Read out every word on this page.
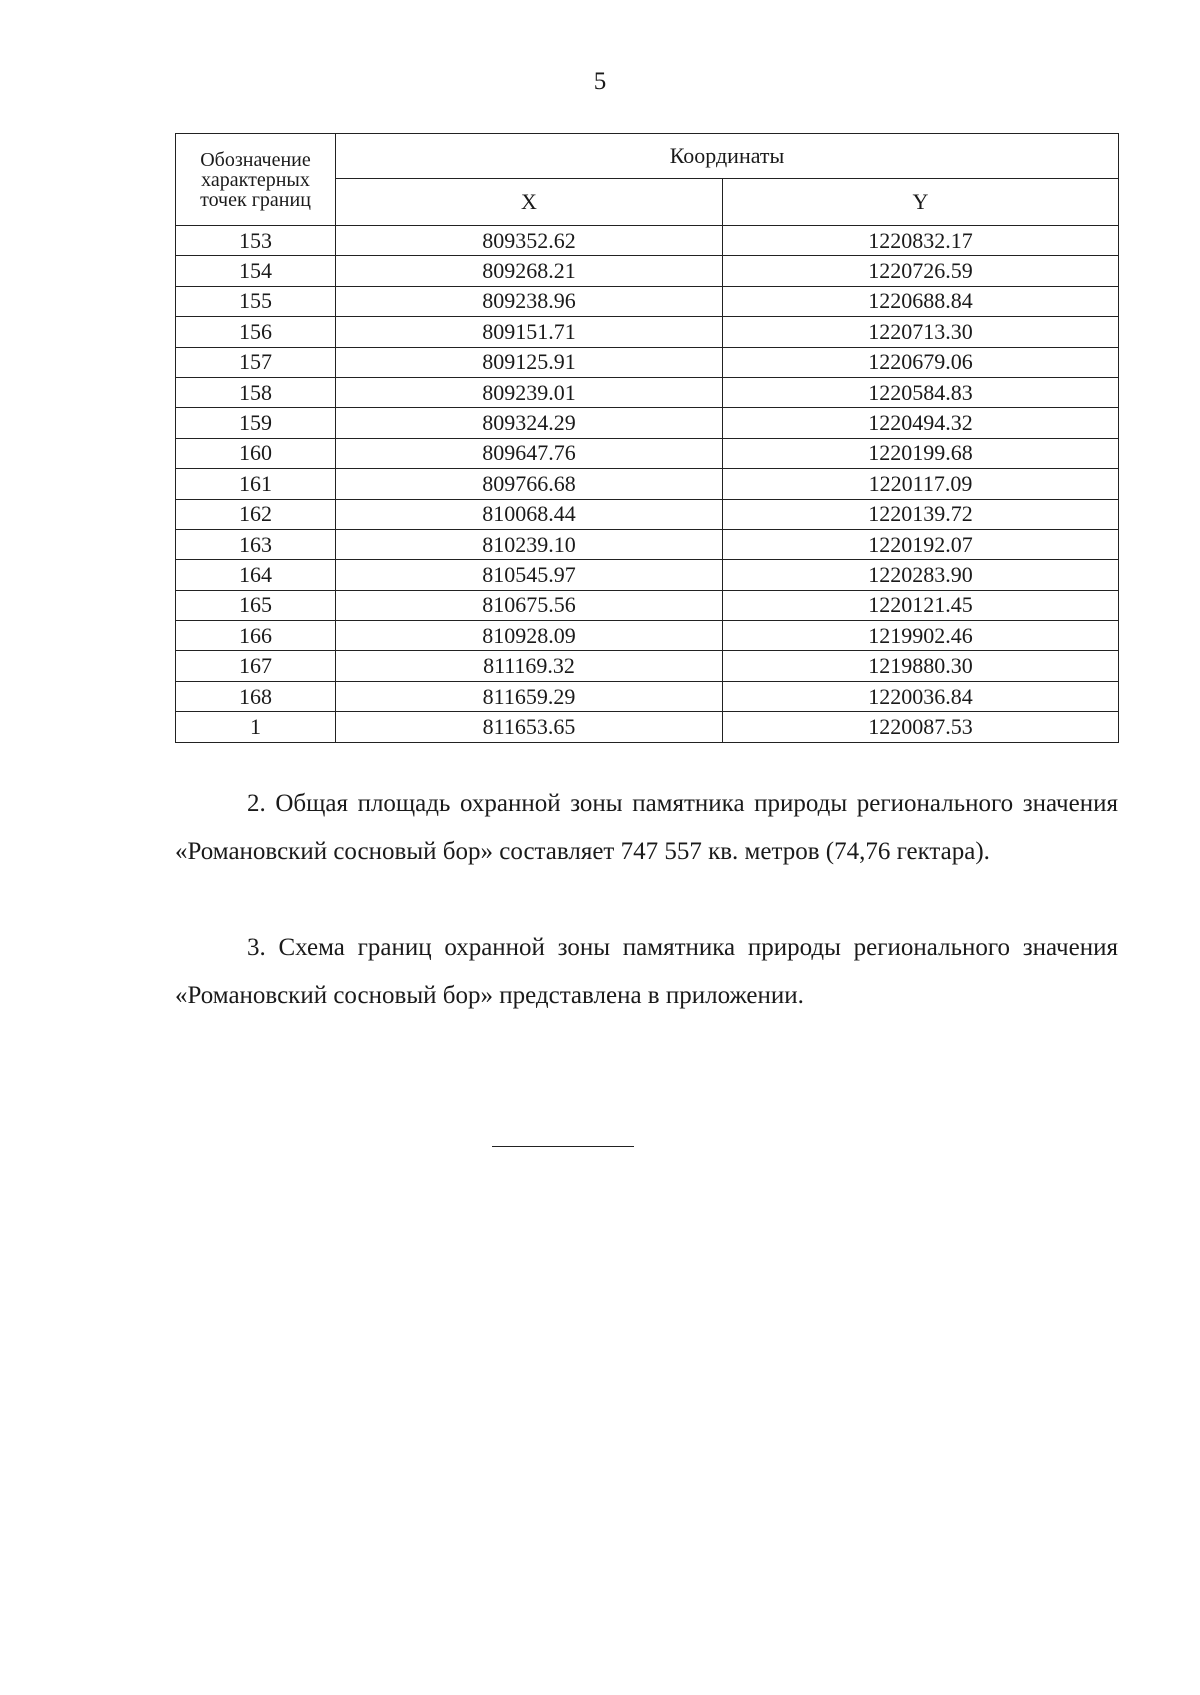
5
Обозначение характерных точек границ	Координаты	
	X	Y
153	809352.62	1220832.17
154	809268.21	1220726.59
155	809238.96	1220688.84
156	809151.71	1220713.30
157	809125.91	1220679.06
158	809239.01	1220584.83
159	809324.29	1220494.32
160	809647.76	1220199.68
161	809766.68	1220117.09
162	810068.44	1220139.72
163	810239.10	1220192.07
164	810545.97	1220283.90
165	810675.56	1220121.45
166	810928.09	1219902.46
167	811169.32	1219880.30
168	811659.29	1220036.84
1	811653.65	1220087.53

2. Общая площадь охранной зоны памятника природы регионального значения «Романовский сосновый бор» составляет 747 557 кв. метров (74,76 гектара).

3. Схема границ охранной зоны памятника природы регионального значения «Романовский сосновый бор» представлена в приложении.
